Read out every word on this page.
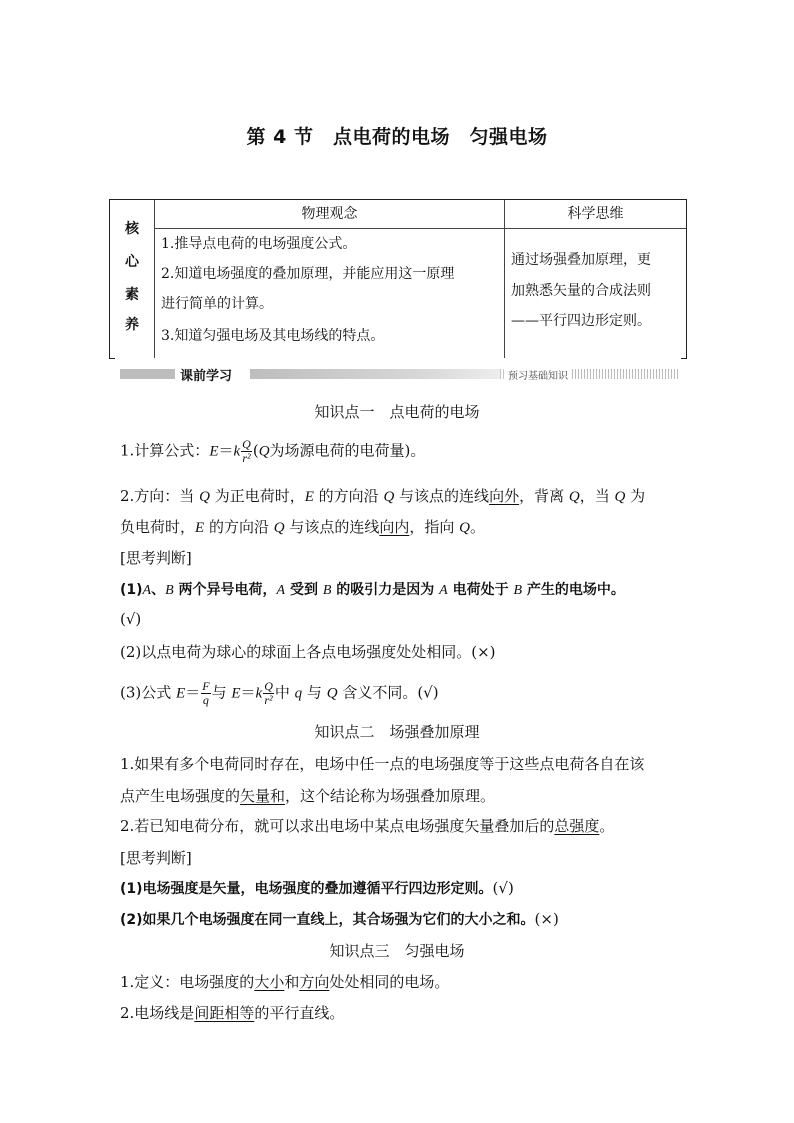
第 4 节　点电荷的电场　匀强电场
核
心
素
养
物理观念	科学思维
1.推导点电荷的电场强度公式。
2.知道电场强度的叠加原理，并能应用这一原理
进行简单的计算。
3.知道匀强电场及其电场线的特点。
通过场强叠加原理，更
加熟悉矢量的合成法则
——平行四边形定则。
课前学习	预习基础知识
知识点一　点电荷的电场
1.计算公式：$E=k \frac{Q}{\text{r²}} (Q$为场源电荷的电荷量)。
2.方向：当 Q 为正电荷时，E 的方向沿 Q 与该点的连线向外，背离 Q，当 Q 为
负电荷时，E 的方向沿 Q 与该点的连线向内，指向 Q。
[思考判断]
(1)A、B 两个异号电荷，A 受到 B 的吸引力是因为 A 电荷处于 B 产生的电场中。
(√)
(2)以点电荷为球心的球面上各点电场强度处处相同。(×)
(3)公式 $E= \frac{F}{q}$ 与 $E=k \frac{Q}{\text{r²}}$ 中 q 与 Q 含义不同。(√)
知识点二　场强叠加原理
1.如果有多个电荷同时存在，电场中任一点的电场强度等于这些点电荷各自在该
点产生电场强度的矢量和，这个结论称为场强叠加原理。
2.若已知电荷分布，就可以求出电场中某点电场强度矢量叠加后的总强度。
[思考判断]
(1)电场强度是矢量，电场强度的叠加遵循平行四边形定则。(√)
(2)如果几个电场强度在同一直线上，其合场强为它们的大小之和。(×)
知识点三　匀强电场
1.定义：电场强度的大小和方向处处相同的电场。
2.电场线是间距相等的平行直线。
